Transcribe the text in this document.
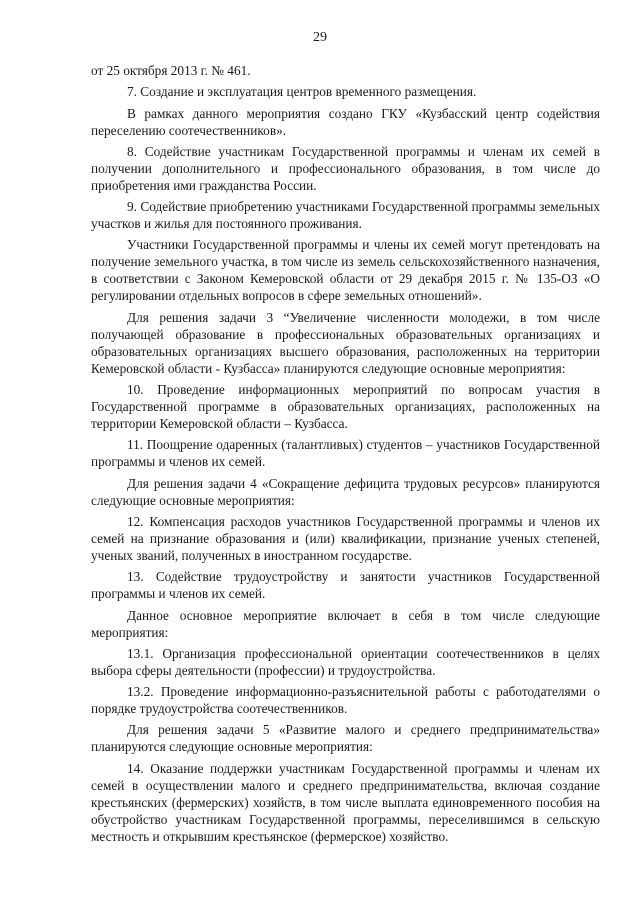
29

от 25 октября 2013 г. № 461.

7. Создание и эксплуатация центров временного размещения.

В рамках данного мероприятия создано ГКУ «Кузбасский центр содействия переселению соотечественников».

8. Содействие участникам Государственной программы и членам их семей в получении дополнительного и профессионального образования, в том числе до приобретения ими гражданства России.

9. Содействие приобретению участниками Государственной программы земельных участков и жилья для постоянного проживания.

Участники Государственной программы и члены их семей могут претендовать на получение земельного участка, в том числе из земель сельскохозяйственного назначения, в соответствии с Законом Кемеровской области от 29 декабря 2015 г. № 135-ОЗ «О регулировании отдельных вопросов в сфере земельных отношений».

Для решения задачи 3 “Увеличение численности молодежи, в том числе получающей образование в профессиональных образовательных организациях и образовательных организациях высшего образования, расположенных на территории Кемеровской области - Кузбасса» планируются следующие основные мероприятия:

10. Проведение информационных мероприятий по вопросам участия в Государственной программе в образовательных организациях, расположенных на территории Кемеровской области – Кузбасса.

11. Поощрение одаренных (талантливых) студентов – участников Государственной программы и членов их семей.

Для решения задачи 4 «Сокращение дефицита трудовых ресурсов» планируются следующие основные мероприятия:

12. Компенсация расходов участников Государственной программы и членов их семей на признание образования и (или) квалификации, признание ученых степеней, ученых званий, полученных в иностранном государстве.

13. Содействие трудоустройству и занятости участников Государственной программы и членов их семей.

Данное основное мероприятие включает в себя в том числе следующие мероприятия:

13.1. Организация профессиональной ориентации соотечественников в целях выбора сферы деятельности (профессии) и трудоустройства.

13.2. Проведение информационно-разъяснительной работы с работодателями о порядке трудоустройства соотечественников.

Для решения задачи 5 «Развитие малого и среднего предпринимательства» планируются следующие основные мероприятия:

14. Оказание поддержки участникам Государственной программы и членам их семей в осуществлении малого и среднего предпринимательства, включая создание крестьянских (фермерских) хозяйств, в том числе выплата единовременного пособия на обустройство участникам Государственной программы, переселившимся в сельскую местность и открывшим крестьянское (фермерское) хозяйство.
